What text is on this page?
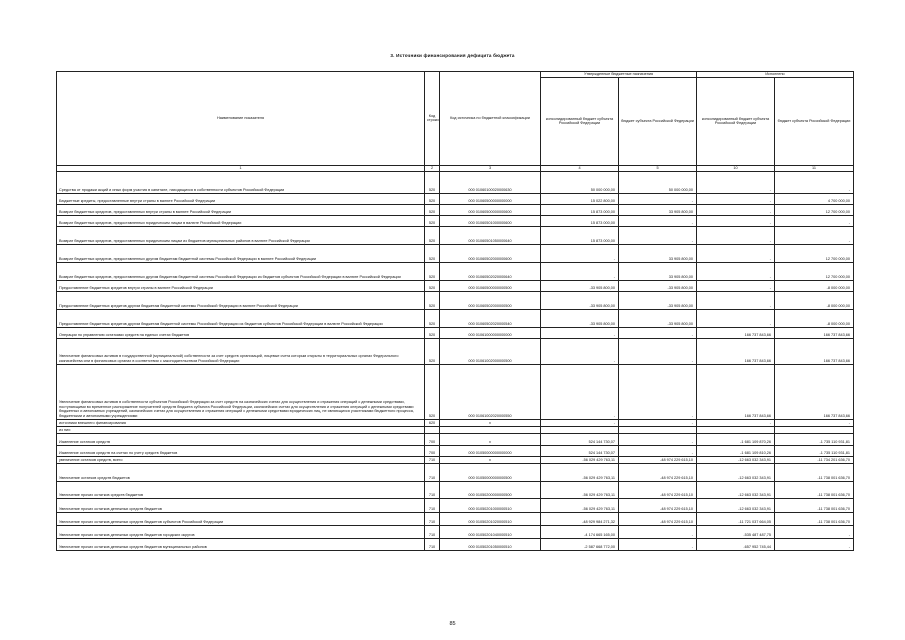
3. Источники финансирования дефицита бюджета
Наименование показателя	Код строки	Код источника по бюджетной классификации	Утвержденные бюджетные назначения		Исполнено	
			консолидированный бюджет субъекта Российской Федерации	бюджет субъекта Российской Федерации	консолидированный бюджет субъекта Российской Федерации	бюджет субъекта Российской Федерации
1	2	3	4	5	10	11
Средства от продажи акций и иных форм участия в капитале, находящихся в собственности субъектов Российской Федерации	520	000 01060100020000630	50 000 000,00	50 000 000,00	-	-
Бюджетные кредиты, предоставленные внутри страны в валюте Российской Федерации	520	000 01060500000000000	15 022 800,00	-	-	4 700 000,00
Возврат бюджетных кредитов, предоставленных внутри страны в валюте Российской Федерации	520	000 01060500000000600	15 873 000,00	33 905 800,00	-	12 700 000,00
Возврат бюджетных кредитов, предоставленных юридическим лицам в валюте Российской Федерации	520	000 01060501000000600	15 873 000,00	-	-	-
Возврат бюджетных кредитов, предоставленных юридическим лицам из бюджетов муниципальных районов в валюте Российской Федерации	520	000 01060501050000640	15 873 000,00	-	-	-
Возврат бюджетных кредитов, предоставленных другим бюджетам бюджетной системы Российской Федерации в валюте Российской Федерации	520	000 01060502000000600	-	33 905 800,00	-	12 700 000,00
Возврат бюджетных кредитов, предоставленных другим бюджетам бюджетной системы Российской Федерации из бюджетов субъектов Российской Федерации в валюте Российской Федерации	520	000 01060502020000640	-	33 905 800,00	-	12 700 000,00
Предоставление бюджетных кредитов внутри страны в валюте Российской Федерации	520	000 01060500000000500	-33 905 800,00	-33 905 800,00	-	-8 000 000,00
Предоставление бюджетных кредитов другим бюджетам бюджетной системы Российской Федерации в валюте Российской Федерации	520	000 01060502000000500	-33 905 800,00	-33 905 800,00	-	-8 000 000,00
Предоставление бюджетных кредитов другим бюджетам бюджетной системы Российской Федерации из бюджетов субъектов Российской Федерации в валюте Российской Федерации	520	000 01060502020000540	-33 905 800,00	-33 905 800,00	-	-8 000 000,00
Операции по управлению остатками средств на единых счетах бюджетов	520	000 01061000000000000	-	-	166 737 843,66	166 737 843,66
Увеличение финансовых активов в государственной (муниципальной) собственности за счет средств организаций, лицевые счета которым открыты в территориальных органах Федерального казначейства или в финансовых органах в соответствии с законодательством Российской Федерации	520	000 01061002000000500	-	-	166 737 843,66	166 737 843,66
Увеличение финансовых активов в собственности субъектов Российской Федерации за счет средств на казначейских счетах для осуществления и отражения операций с денежными средствами, поступающими во временное распоряжение получателей средств бюджета субъекта Российской Федерации, казначейских счетах для осуществления и отражения операций с денежными средствами бюджетных и автономных учреждений, казначейских счетах для осуществления и отражения операций с денежными средствами юридических лиц, не являющихся участниками бюджетного процесса, бюджетными и автономными учреждениями	520	000 01061002020000550	-	-	166 737 843,66	166 737 843,66
источники внешнего финансирования	620	x	-	-	-	-
из них:						
Изменение остатков средств	700	x	524 144 730,07	-	-1 681 109 870,26	-1 735 110 931,81
Изменение остатков средств на счетах по учету средств бюджетов	700	000 01050000000000000	524 144 730,07	-	-1 681 109 810,26	-1 735 110 931,81
увеличение остатков средств, всего	710	x	-56 029 429 763,11	-48 974 229 615,10	-12 663 032 343,91	-11 734 201 636,70
Увеличение остатков средств бюджетов	710	000 01050000000000500	-56 029 429 763,11	-48 974 229 615,10	-12 663 032 343,91	-11 738 001 636,70
Увеличение прочих остатков средств бюджетов	710	000 01050200000000500	-56 029 429 763,11	-48 974 229 615,10	-12 663 032 343,91	-11 738 001 636,70
Увеличение прочих остатков денежных средств бюджетов	710	000 01050201000000510	-56 029 429 763,11	-48 974 229 615,10	-12 663 032 343,91	-11 738 001 636,70
Увеличение прочих остатков денежных средств бюджетов субъектов Российской Федерации	710	000 01050201020000510	-48 929 984 271,32	-48 974 229 615,10	-11 721 037 664,05	-11 738 001 636,70
Увеличение прочих остатков денежных средств бюджетов городских округов	710	000 01050201040000510	-4 174 665 165,00	-	-535 487 487,75	-
Увеличение прочих остатков денежных средств бюджетов муниципальных районов	710	000 01050201050000510	-2 587 668 772,00	-	-657 952 745,44	-
85
